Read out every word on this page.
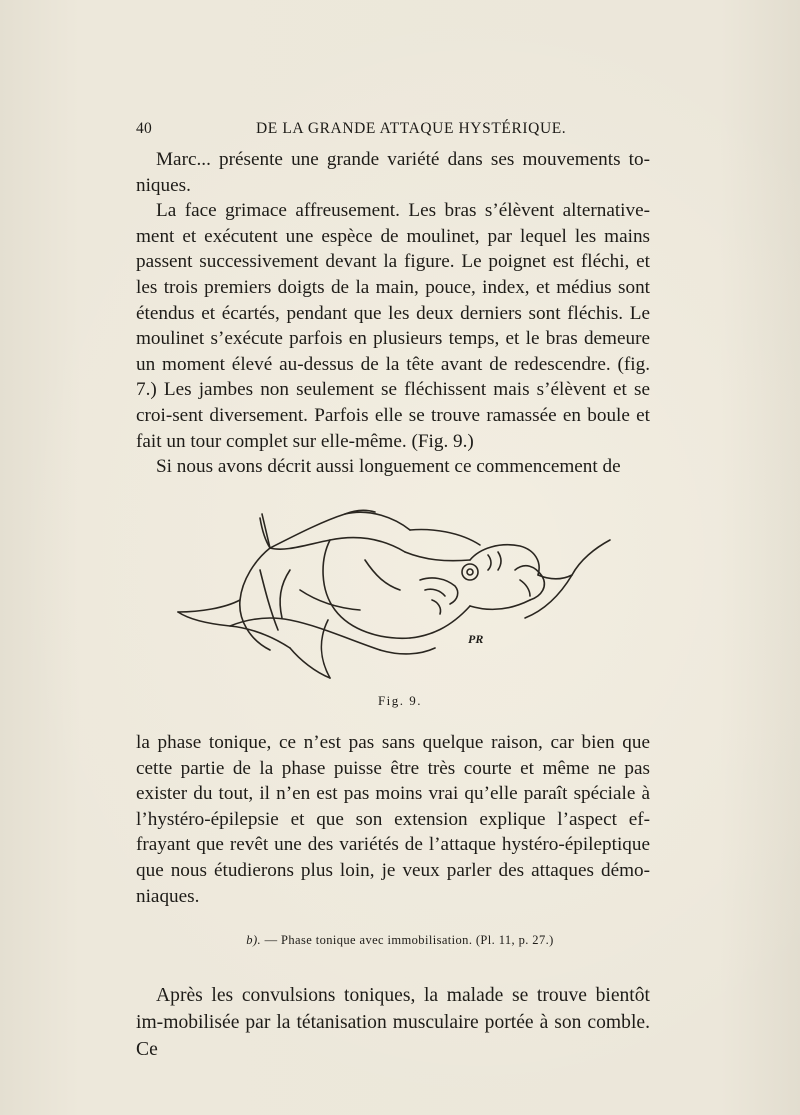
40	DE LA GRANDE ATTAQUE HYSTÉRIQUE.

Marc... présente une grande variété dans ses mouvements to-niques.

La face grimace affreusement. Les bras s’élèvent alternative-ment et exécutent une espèce de moulinet, par lequel les mains passent successivement devant la figure. Le poignet est fléchi, et les trois premiers doigts de la main, pouce, index, et médius sont étendus et écartés, pendant que les deux derniers sont fléchis. Le moulinet s’exécute parfois en plusieurs temps, et le bras demeure un moment élevé au-dessus de la tête avant de redescendre. (fig. 7.) Les jambes non seulement se fléchissent mais s’élèvent et se croi-sent diversement. Parfois elle se trouve ramassée en boule et fait un tour complet sur elle-même. (Fig. 9.)

Si nous avons décrit aussi longuement ce commencement de

PR
Fig. 9.

la phase tonique, ce n’est pas sans quelque raison, car bien que cette partie de la phase puisse être très courte et même ne pas exister du tout, il n’en est pas moins vrai qu’elle paraît spéciale à l’hystéro-épilepsie et que son extension explique l’aspect ef-frayant que revêt une des variétés de l’attaque hystéro-épileptique que nous étudierons plus loin, je veux parler des attaques démo-niaques.

b). — Phase tonique avec immobilisation. (Pl. 11, p. 27.)

Après les convulsions toniques, la malade se trouve bientôt im-mobilisée par la tétanisation musculaire portée à son comble. Ce
